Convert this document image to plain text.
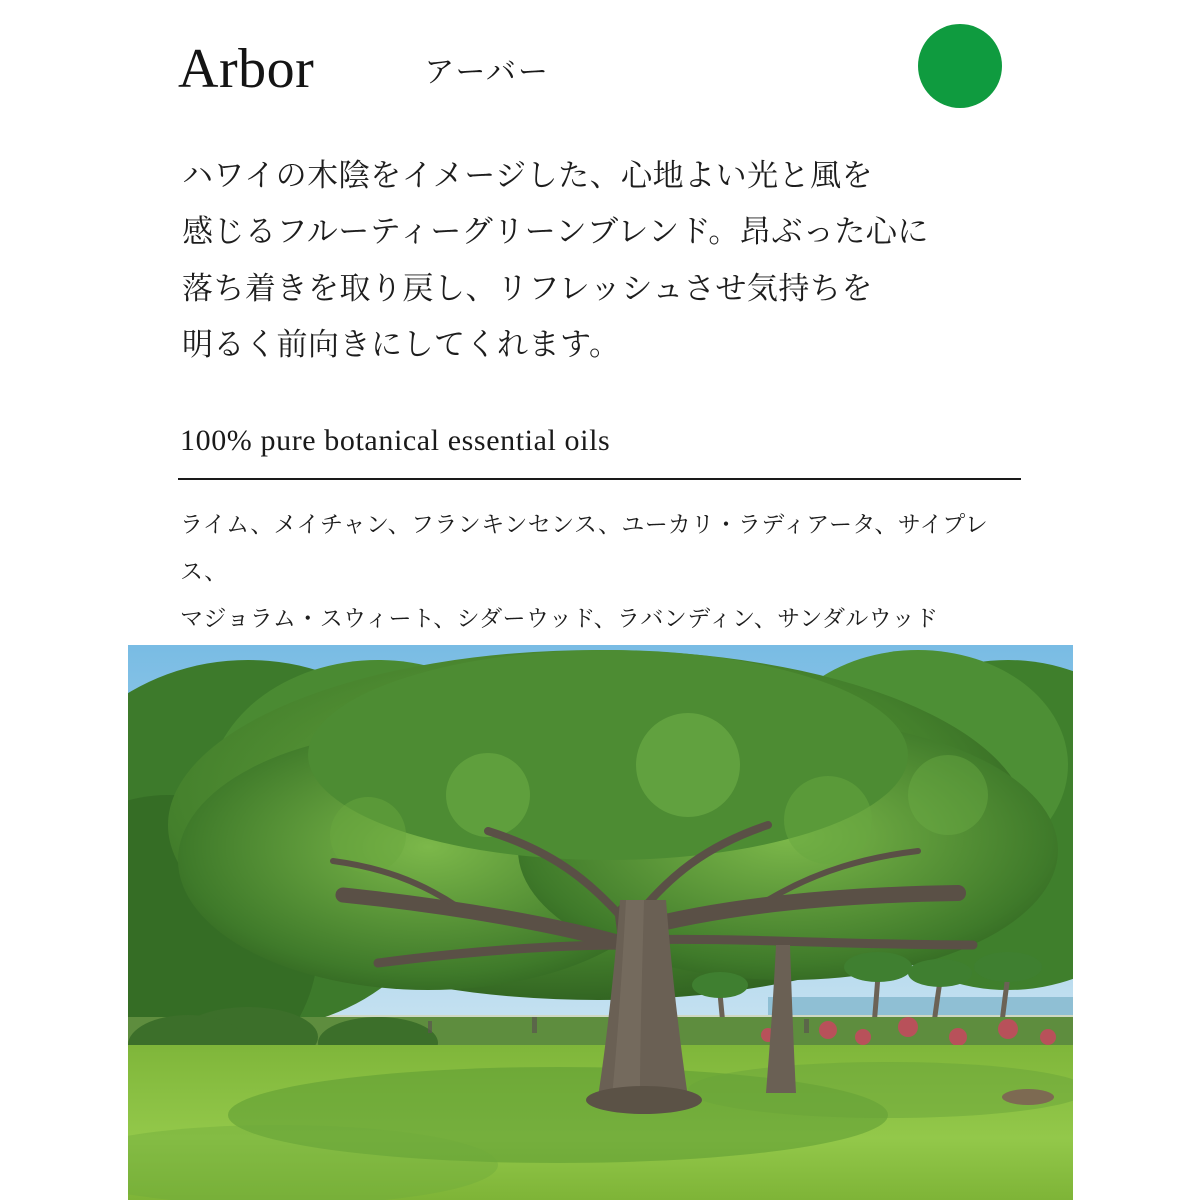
Arbor	アーバー

ハワイの木陰をイメージした、心地よい光と風を

感じるフルーティーグリーンブレンド。昂ぶった心に

落ち着きを取り戻し、リフレッシュさせ気持ちを

明るく前向きにしてくれます。

100% pure botanical essential oils

ライム、メイチャン、フランキンセンス、ユーカリ・ラディアータ、サイプレス、

マジョラム・スウィート、シダーウッド、ラバンディン、サンダルウッド
